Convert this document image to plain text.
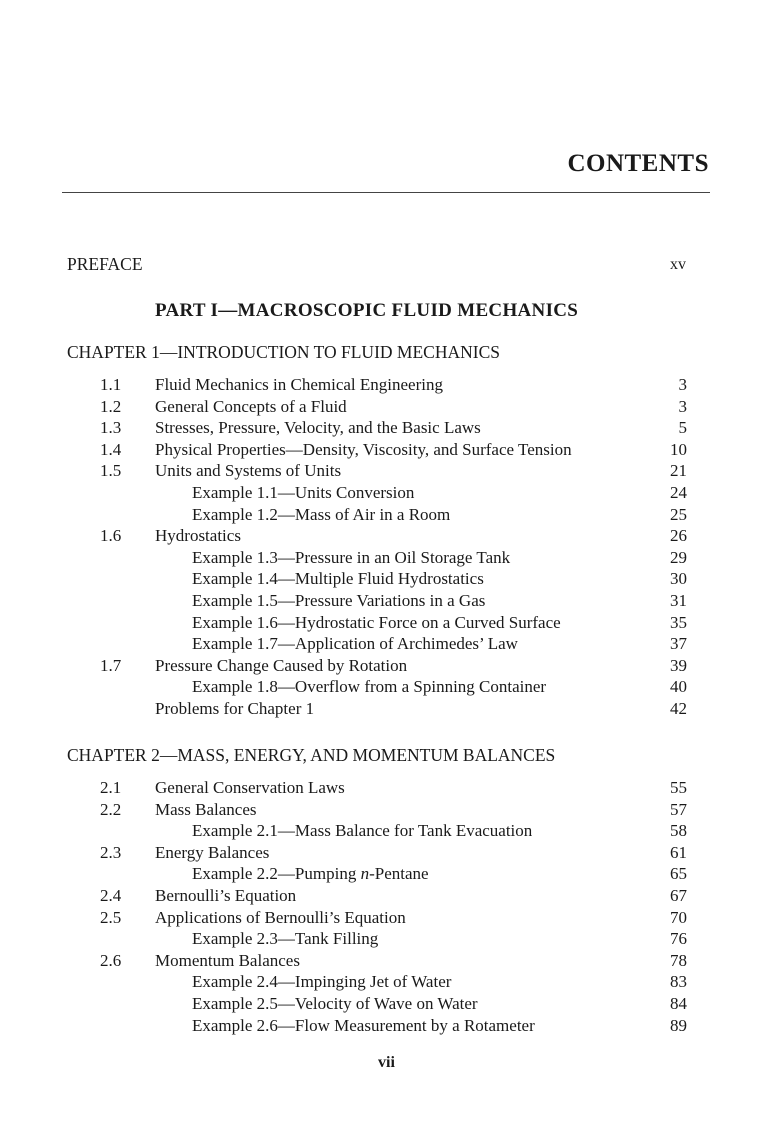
CONTENTS
PREFACE	xv
PART I—MACROSCOPIC FLUID MECHANICS
CHAPTER 1—INTRODUCTION TO FLUID MECHANICS
1.1 Fluid Mechanics in Chemical Engineering	3
1.2 General Concepts of a Fluid	3
1.3 Stresses, Pressure, Velocity, and the Basic Laws	5
1.4 Physical Properties—Density, Viscosity, and Surface Tension	10
1.5 Units and Systems of Units	21
Example 1.1—Units Conversion	24
Example 1.2—Mass of Air in a Room	25
1.6 Hydrostatics	26
Example 1.3—Pressure in an Oil Storage Tank	29
Example 1.4—Multiple Fluid Hydrostatics	30
Example 1.5—Pressure Variations in a Gas	31
Example 1.6—Hydrostatic Force on a Curved Surface	35
Example 1.7—Application of Archimedes’ Law	37
1.7 Pressure Change Caused by Rotation	39
Example 1.8—Overflow from a Spinning Container	40
Problems for Chapter 1	42
CHAPTER 2—MASS, ENERGY, AND MOMENTUM BALANCES
2.1 General Conservation Laws	55
2.2 Mass Balances	57
Example 2.1—Mass Balance for Tank Evacuation	58
2.3 Energy Balances	61
Example 2.2—Pumping n-Pentane	65
2.4 Bernoulli’s Equation	67
2.5 Applications of Bernoulli’s Equation	70
Example 2.3—Tank Filling	76
2.6 Momentum Balances	78
Example 2.4—Impinging Jet of Water	83
Example 2.5—Velocity of Wave on Water	84
Example 2.6—Flow Measurement by a Rotameter	89
vii
